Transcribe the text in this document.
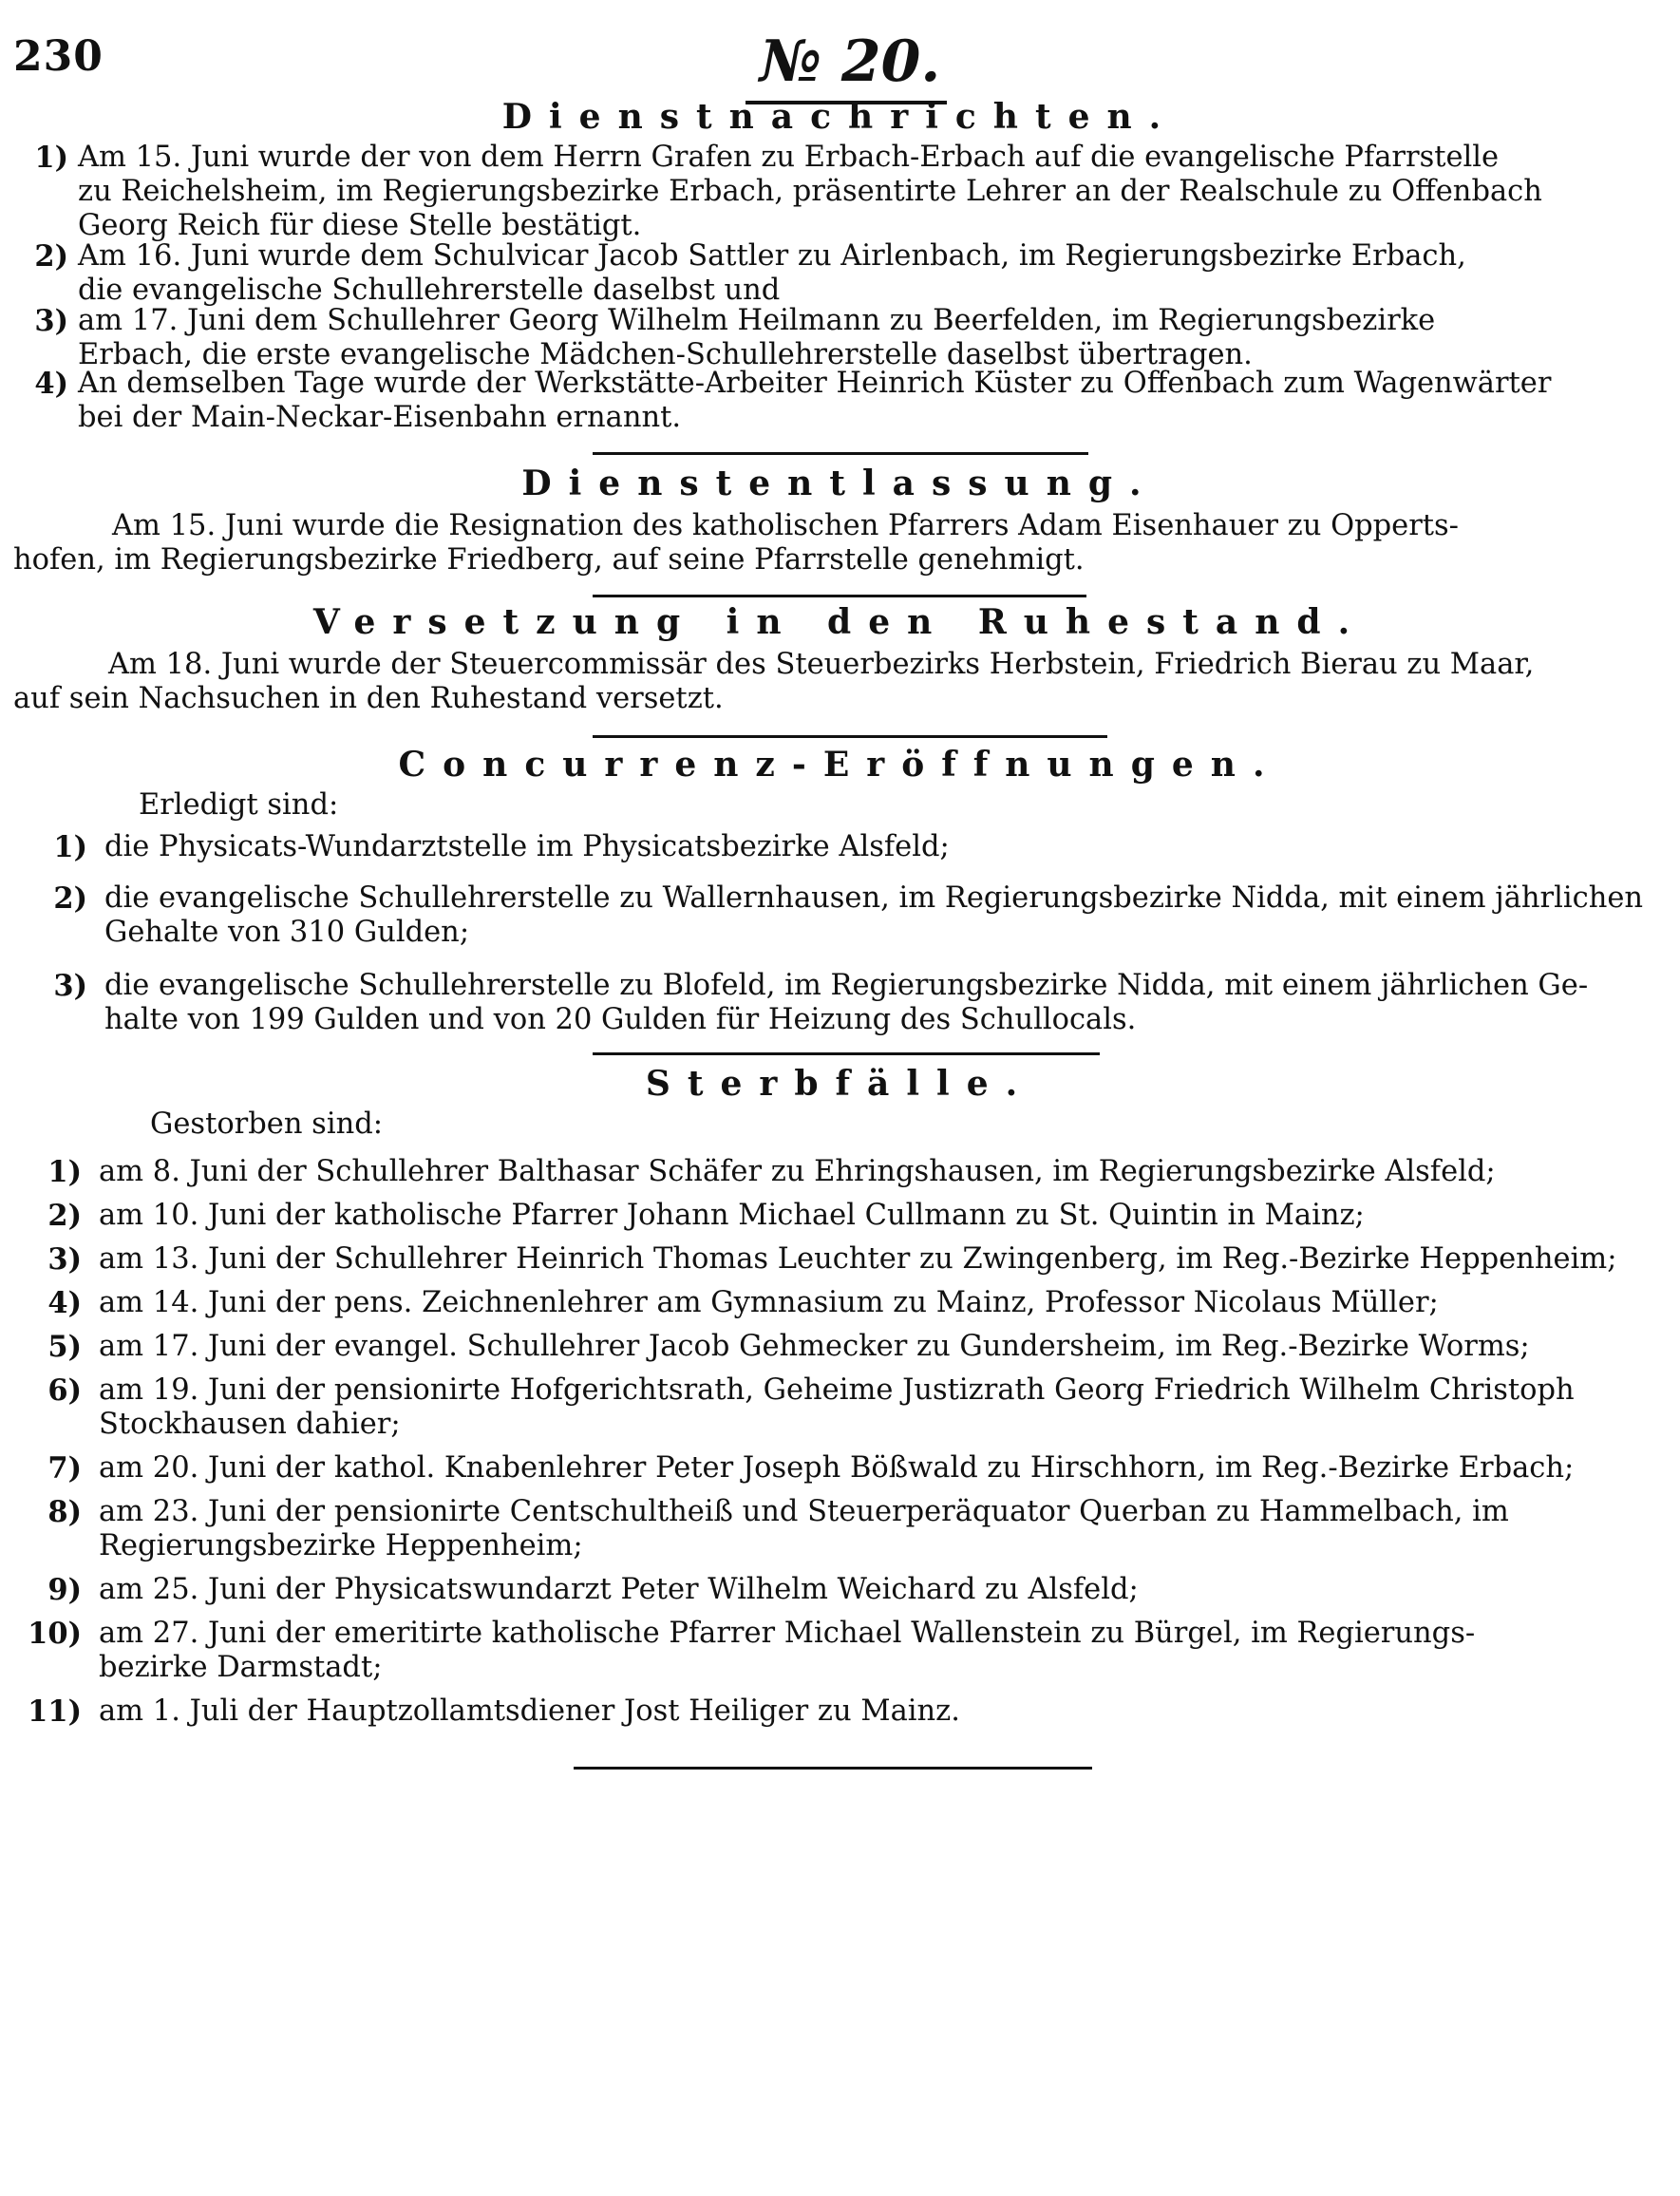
230	№ 20.
Dienstnachrichten.
1) Am 15. Juni wurde der von dem Herrn Grafen zu Erbach-Erbach auf die evangelische Pfarrstelle
zu Reichelsheim, im Regierungsbezirke Erbach, präsentirte Lehrer an der Realschule zu Offenbach
Georg Reich für diese Stelle bestätigt.
2) Am 16. Juni wurde dem Schulvicar Jacob Sattler zu Airlenbach, im Regierungsbezirke Erbach,
die evangelische Schullehrerstelle daselbst und
3) am 17. Juni dem Schullehrer Georg Wilhelm Heilmann zu Beerfelden, im Regierungsbezirke
Erbach, die erste evangelische Mädchen-Schullehrerstelle daselbst übertragen.
4) An demselben Tage wurde der Werkstätte-Arbeiter Heinrich Küster zu Offenbach zum Wagenwärter
bei der Main-Neckar-Eisenbahn ernannt.
Dienstentlassung.
Am 15. Juni wurde die Resignation des katholischen Pfarrers Adam Eisenhauer zu Opperts-
hofen, im Regierungsbezirke Friedberg, auf seine Pfarrstelle genehmigt.
Versetzung in den Ruhestand.
Am 18. Juni wurde der Steuercommissär des Steuerbezirks Herbstein, Friedrich Bierau zu Maar,
auf sein Nachsuchen in den Ruhestand versetzt.
Concurrenz-Eröffnungen.
Erledigt sind:
1) die Physicats-Wundarztstelle im Physicatsbezirke Alsfeld;
2) die evangelische Schullehrerstelle zu Wallernhausen, im Regierungsbezirke Nidda, mit einem jährlichen
Gehalte von 310 Gulden;
3) die evangelische Schullehrerstelle zu Blofeld, im Regierungsbezirke Nidda, mit einem jährlichen Ge-
halte von 199 Gulden und von 20 Gulden für Heizung des Schullocals.
Sterbfälle.
Gestorben sind:
1) am 8. Juni der Schullehrer Balthasar Schäfer zu Ehringshausen, im Regierungsbezirke Alsfeld;
2) am 10. Juni der katholische Pfarrer Johann Michael Cullmann zu St. Quintin in Mainz;
3) am 13. Juni der Schullehrer Heinrich Thomas Leuchter zu Zwingenberg, im Reg.-Bezirke Heppenheim;
4) am 14. Juni der pens. Zeichnenlehrer am Gymnasium zu Mainz, Professor Nicolaus Müller;
5) am 17. Juni der evangel. Schullehrer Jacob Gehmecker zu Gundersheim, im Reg.-Bezirke Worms;
6) am 19. Juni der pensionirte Hofgerichtsrath, Geheime Justizrath Georg Friedrich Wilhelm Christoph
Stockhausen dahier;
7) am 20. Juni der kathol. Knabenlehrer Peter Joseph Bößwald zu Hirschhorn, im Reg.-Bezirke Erbach;
8) am 23. Juni der pensionirte Centschultheiß und Steuerperäquator Querban zu Hammelbach, im
Regierungsbezirke Heppenheim;
9) am 25. Juni der Physicatswundarzt Peter Wilhelm Weichard zu Alsfeld;
10) am 27. Juni der emeritirte katholische Pfarrer Michael Wallenstein zu Bürgel, im Regierungs-
bezirke Darmstadt;
11) am 1. Juli der Hauptzollamtsdiener Jost Heiliger zu Mainz.
